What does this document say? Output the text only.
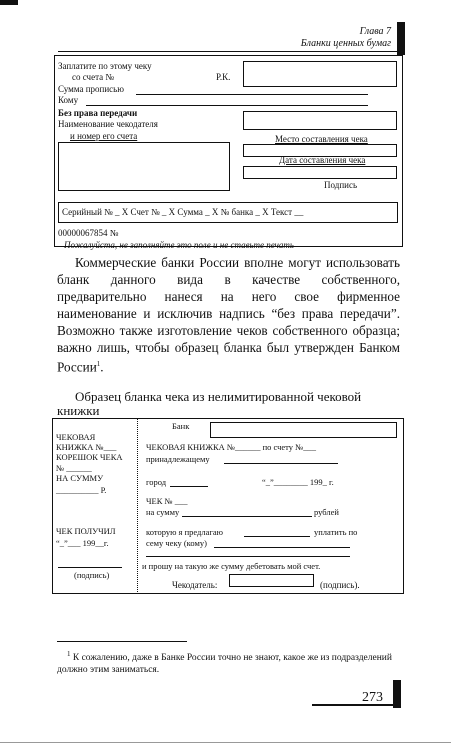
Глава 7
Бланки ценных бумаг
Заплатите по этому чеку
со счета №	Р.К.
Сумма прописью
Кому
Без права передачи
Наименование чекодателя
и номер его счета	Место составления чека
Дата составления чека
Подпись
Серийный № _ Х Счет № _ Х Сумма _ Х № банка _ Х Текст __
00000067854 №
Пожалуйста, не заполняйте это поле и не ставьте печать

Коммерческие банки России вполне могут использовать бланк данного вида в качестве собственного, предварительно нанеся на него свое фирменное наименование и исключив надпись “без права передачи”. Возможно также изготовление чеков собственного образца; важно лишь, чтобы образец бланка был утвержден Банком России$^1$.

Образец бланка чека из нелимитированной чековой книжки
ЧЕКОВАЯ
КНИЖКА №___
КОРЕШОК ЧЕКА
№ ______
НА СУММУ
__________ Р.
ЧЕК ПОЛУЧИЛ
“_”___ 199__г.
(подпись)
Банк
ЧЕКОВАЯ КНИЖКА №______ по счету №___
принадлежащему
город	“_”________ 199_ г.
ЧЕК № ___
на сумму	рублей
которую я предлагаю	уплатить по
сему чеку (кому)
и прошу на такую же сумму дебетовать мой счет.
Чекодатель:	(подпись).
$^1$ К сожалению, даже в Банке России точно не знают, какое же из подразделений должно этим заниматься.
273
